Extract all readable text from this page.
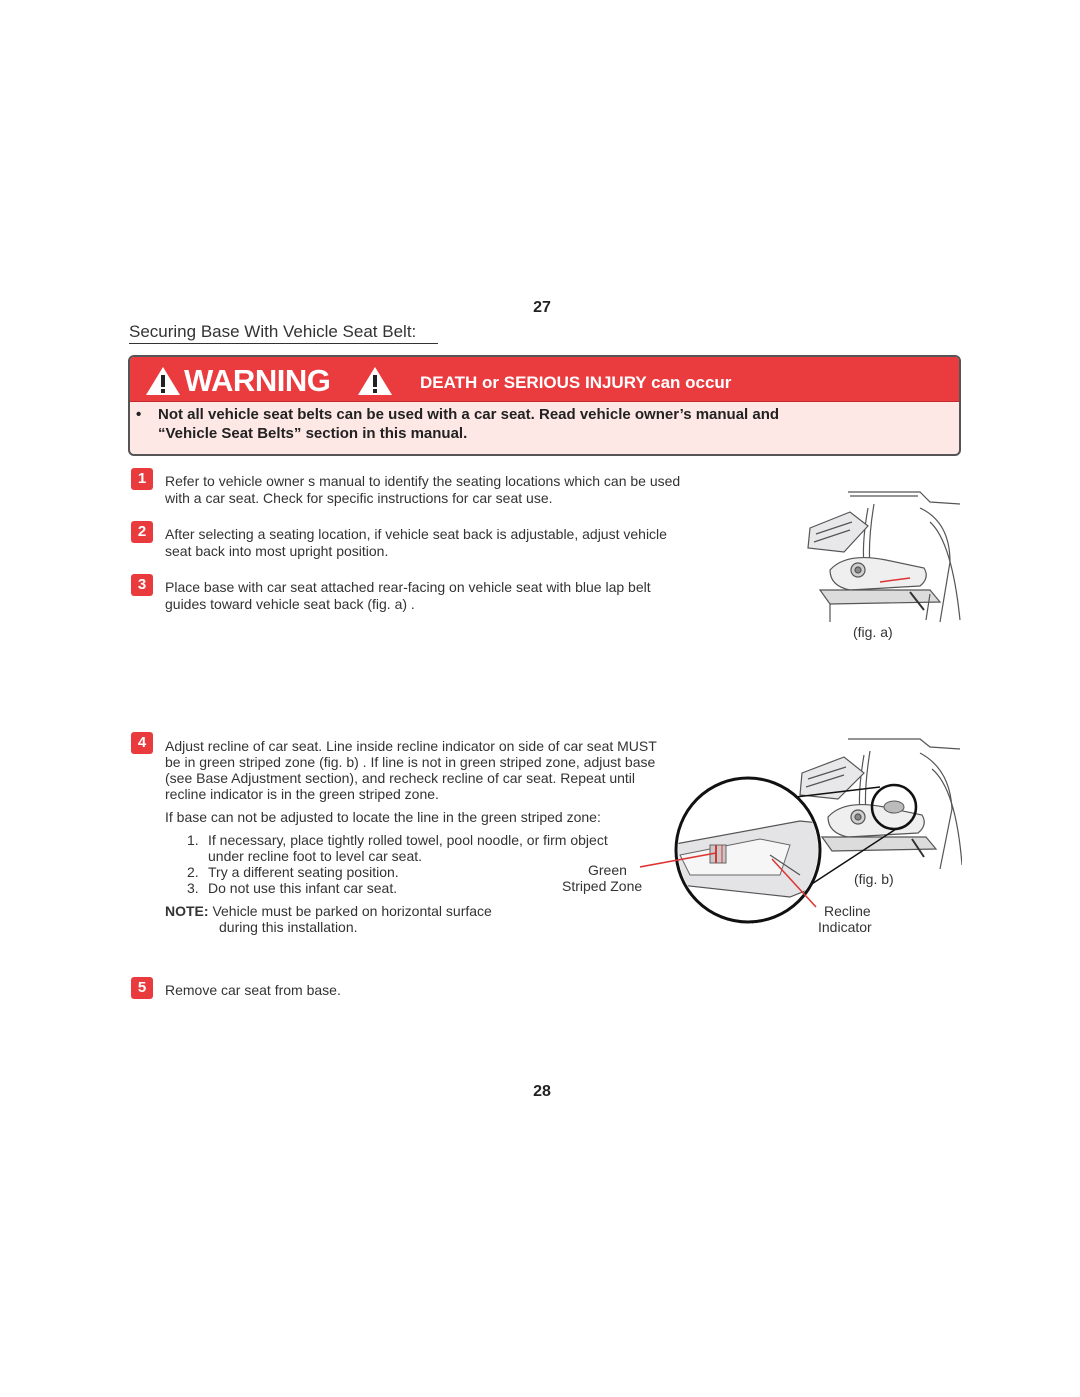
27
Securing Base With Vehicle Seat Belt:
WARNING	DEATH or SERIOUS INJURY can occur
•	Not all vehicle seat belts can be used with a car seat. Read vehicle owner’s manual and
“Vehicle Seat Belts” section in this manual.
1	Refer to vehicle owner s manual to identify the seating locations which can be used
with a car seat. Check for specific instructions for car seat use.
2	After selecting a seating location, if vehicle seat back is adjustable, adjust vehicle
seat back into most upright position.
3	Place base with car seat attached rear-facing on vehicle seat with blue lap belt
guides toward vehicle seat back (fig. a) .
(fig. a)
4	Adjust recline of car seat. Line inside recline indicator on side of car seat MUST
be in green striped zone (fig. b) . If line is not in green striped zone, adjust base
(see Base Adjustment section), and recheck recline of car seat. Repeat until
recline indicator is in the green striped zone.
If base can not be adjusted to locate the line in the green striped zone:
1. If necessary, place tightly rolled towel, pool noodle, or firm object
under recline foot to level car seat.
2. Try a different seating position.
3. Do not use this infant car seat.
NOTE: Vehicle must be parked on horizontal surface
during this installation.
Green
Striped Zone	(fig. b)
Recline
Indicator
5	Remove car seat from base.
28
